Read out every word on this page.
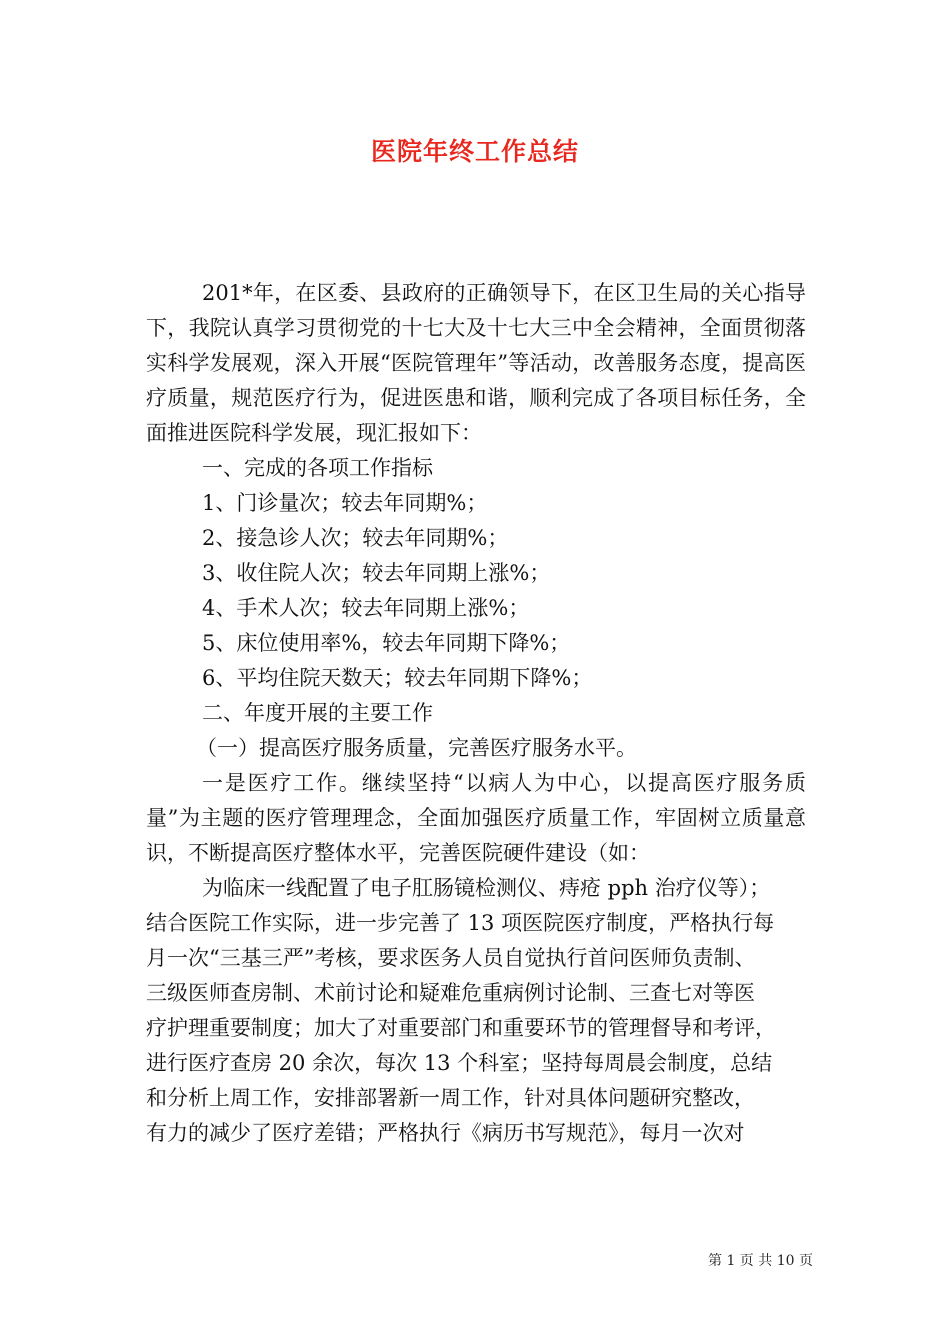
医院年终工作总结

201*年，在区委、县政府的正确领导下，在区卫生局的关心指导下，我院认真学习贯彻党的十七大及十七大三中全会精神，全面贯彻落实科学发展观，深入开展“医院管理年”等活动，改善服务态度，提高医疗质量，规范医疗行为，促进医患和谐，顺利完成了各项目标任务，全面推进医院科学发展，现汇报如下：

一、完成的各项工作指标

1、门诊量次；较去年同期%；

2、接急诊人次；较去年同期%；

3、收住院人次；较去年同期上涨%；

4、手术人次；较去年同期上涨%；

5、床位使用率%，较去年同期下降%；

6、平均住院天数天；较去年同期下降%；

二、年度开展的主要工作

（一）提高医疗服务质量，完善医疗服务水平。

一是医疗工作。继续坚持“以病人为中心，以提高医疗服务质量”为主题的医疗管理理念，全面加强医疗质量工作，牢固树立质量意识，不断提高医疗整体水平，完善医院硬件建设（如：

为临床一线配置了电子肛肠镜检测仪、痔疮 pph 治疗仪等）；

结合医院工作实际，进一步完善了 13 项医院医疗制度，严格执行每

月一次“三基三严”考核，要求医务人员自觉执行首问医师负责制、

三级医师查房制、术前讨论和疑难危重病例讨论制、三查七对等医

疗护理重要制度；加大了对重要部门和重要环节的管理督导和考评，

进行医疗查房 20 余次，每次 13 个科室；坚持每周晨会制度，总结

和分析上周工作，安排部署新一周工作，针对具体问题研究整改，

有力的减少了医疗差错；严格执行《病历书写规范》，每月一次对

第 1 页 共 10 页
